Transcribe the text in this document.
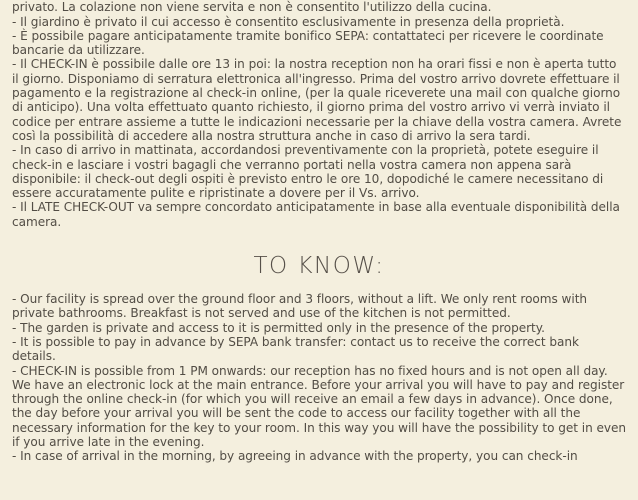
privato. La colazione non viene servita e non è consentito l'utilizzo della cucina.

- Il giardino è privato il cui accesso è consentito esclusivamente in presenza della proprietà.

- È possibile pagare anticipatamente tramite bonifico SEPA: contattateci per ricevere le coordinate bancarie da utilizzare.

- Il CHECK-IN è possibile dalle ore 13 in poi: la nostra reception non ha orari fissi e non è aperta tutto il giorno. Disponiamo di serratura elettronica all'ingresso. Prima del vostro arrivo dovrete effettuare il pagamento e la registrazione al check-in online, (per la quale riceverete una mail con qualche giorno di anticipo). Una volta effettuato quanto richiesto, il giorno prima del vostro arrivo vi verrà inviato il codice per entrare assieme a tutte le indicazioni necessarie per la chiave della vostra camera. Avrete così la possibilità di accedere alla nostra struttura anche in caso di arrivo la sera tardi.

- In caso di arrivo in mattinata, accordandosi preventivamente con la proprietà, potete eseguire il check-in e lasciare i vostri bagagli che verranno portati nella vostra camera non appena sarà disponibile: il check-out degli ospiti è previsto entro le ore 10, dopodiché le camere necessitano di essere accuratamente pulite e ripristinate a dovere per il Vs. arrivo.

- Il LATE CHECK-OUT va sempre concordato anticipatamente in base alla eventuale disponibilità della camera.

TO KNOW:

- Our facility is spread over the ground floor and 3 floors, without a lift. We only rent rooms with private bathrooms. Breakfast is not served and use of the kitchen is not permitted.

- The garden is private and access to it is permitted only in the presence of the property.

- It is possible to pay in advance by SEPA bank transfer: contact us to receive the correct bank details.

- CHECK-IN is possible from 1 PM onwards: our reception has no fixed hours and is not open all day. We have an electronic lock at the main entrance. Before your arrival you will have to pay and register through the online check-in (for which you will receive an email a few days in advance). Once done, the day before your arrival you will be sent the code to access our facility together with all the necessary information for the key to your room. In this way you will have the possibility to get in even if you arrive late in the evening.

- In case of arrival in the morning, by agreeing in advance with the property, you can check-in
